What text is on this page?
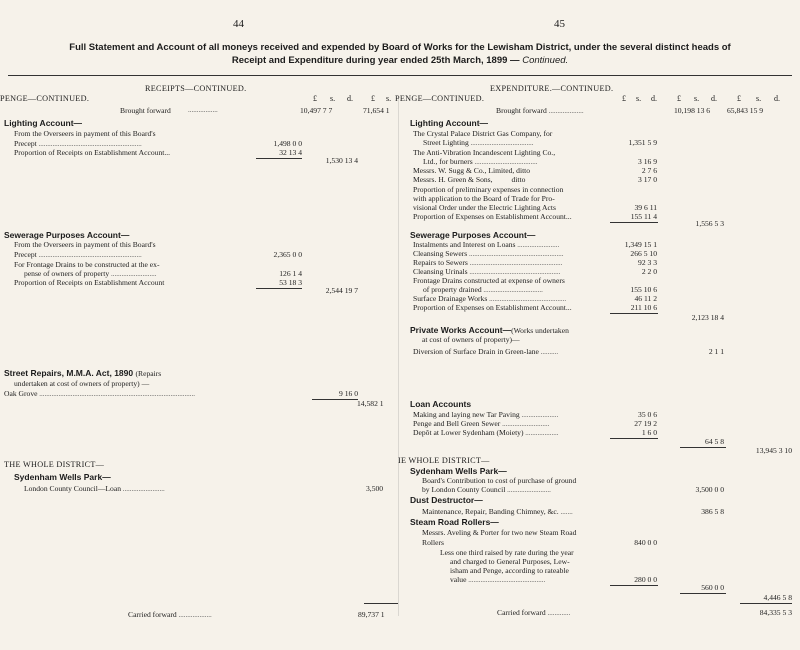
44	45
Full Statement and Account of all moneys received and expended by Board of Works for the Lewisham District, under the several distinct heads of
Receipt and Expenditure during year ended 25th March, 1899 — Continued.
RECEIPTS—CONTINUED.	EXPENDITURE.—CONTINUED.
PENGE—CONTINUED.	PENGE—CONTINUED.
£ s. d. £ s.	£ s. d.	£ s. d.	£ s. d.
Brought forward .................	10,497 7 7	71,654 1
Lighting Account—
From the Overseers in payment of this Board's
Precept ...........................................................	1,498 0 0
Proportion of Receipts on Establishment Account...	32 13 4
1,530 13 4
Sewerage Purposes Account—
From the Overseers in payment of this Board's
Precept ...........................................................	2,365 0 0
For Frontage Drains to be constructed at the ex-
pense of owners of property ..........................	126 1 4
Proportion of Receipts on Establishment Account	53 18 3
2,544 19 7
Street Repairs, M.M.A. Act, 1890 (Repairs
undertaken at cost of owners of property) —
Oak Grove .........................................................................................	9 16 0
14,582 1
THE WHOLE DISTRICT—
Sydenham Wells Park—
London County Council—Loan ........................	3,500
Carried forward ...................	89,737 1
Brought forward ....................	10,198 13 6 65,843 15 9
Lighting Account—
The Crystal Palace District Gas Company, for
Street Lighting ....................................	1,351 5 9
The Anti-Vibration Incandescent Lighting Co.,
Ltd., for burners ....................................	3 16 9
Messrs. W. Sugg & Co., Limited, ditto	2 7 6
Messrs. H. Green & Sons,          ditto	3 17 0
Proportion of preliminary expenses in connection
with application to the Board of Trade for Pro-
visional Order under the Electric Lighting Acts	39 6 11
Proportion of Expenses on Establishment Account...	155 11 4
1,556 5 3
Sewerage Purposes Account—
Instalments and Interest on Loans ........................	1,349 15 1
Cleansing Sewers ......................................................	266 5 10
Repairs to Sewers .....................................................	92 3 3
Cleansing Urinals ....................................................	2 2 0
Frontage Drains constructed at expense of owners
of property drained ..................................	155 10 6
Surface Drainage Works ............................................	46 11 2
Proportion of Expenses on Establishment Account...	211 10 6
2,123 18 4
Private Works Account—(Works undertaken
at cost of owners of property)—
Diversion of Surface Drain in Green-lane ..........	2 1 1
Loan Accounts
Making and laying new Tar Paving .....................	35 0 6
Penge and Bell Green Sewer ...........................	27 19 2
Depôt at Lower Sydenham (Moiety) ...................	1 6 0
64 5 8
13,945 3 10
IE WHOLE DISTRICT—
Sydenham Wells Park—
Board's Contribution to cost of purchase of ground
by London County Council .........................	3,500 0 0
Dust Destructor—
Maintenance, Repair, Banding Chimney, &c. .......	386 5 8
Steam Road Rollers—
Messrs. Aveling & Porter for two new Steam Road
Rollers	840 0 0
Less one third raised by rate during the year
and charged to General Purposes, Lew-
isham and Penge, according to rateable
value ............................................	280 0 0
560 0 0
4,446 5 8
Carried forward .............	84,335 5 3
